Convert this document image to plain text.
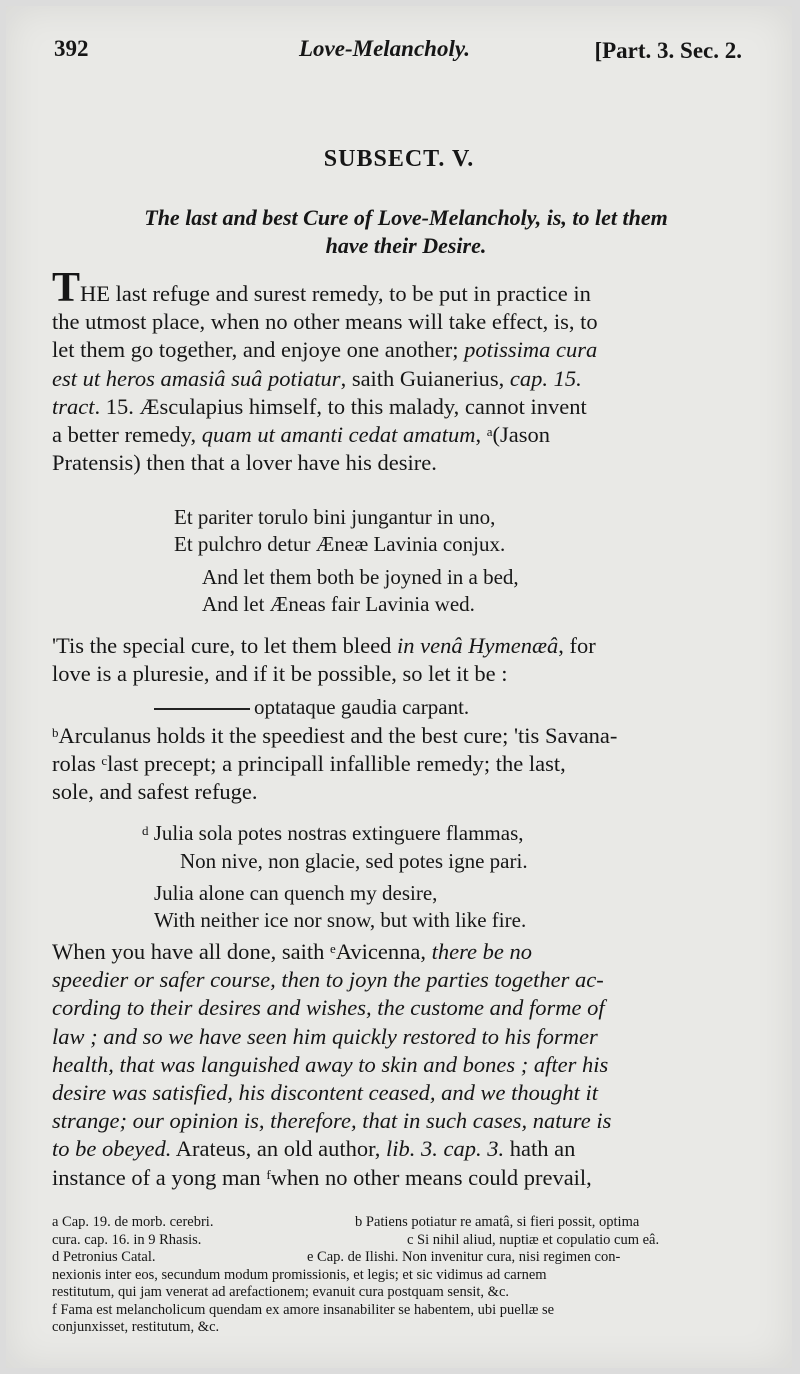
392	Love-Melancholy.	[Part. 3. Sec. 2.
SUBSECT. V.
The last and best Cure of Love-Melancholy, is, to let them
have their Desire.
THE last refuge and surest remedy, to be put in practice in
the utmost place, when no other means will take effect, is, to
let them go together, and enjoye one another; potissima cura
est ut heros amasiâ suâ potiatur, saith Guianerius, cap. 15.
tract. 15. Æsculapius himself, to this malady, cannot invent
a better remedy, quam ut amanti cedat amatum, $^a$(Jason
Pratensis) then that a lover have his desire.
Et pariter torulo bini jungantur in uno,
Et pulchro detur Æneæ Lavinia conjux.
And let them both be joyned in a bed,
And let Æneas fair Lavinia wed.
'Tis the special cure, to let them bleed in venâ Hymenæâ, for
love is a pluresie, and if it be possible, so let it be :
optataque gaudia carpant.
$^b$Arculanus holds it the speediest and the best cure; 'tis Savana-
rolas $^c$last precept; a principall infallible remedy; the last,
sole, and safest refuge.
$^d$ Julia sola potes nostras extinguere flammas,
Non nive, non glacie, sed potes igne pari.
Julia alone can quench my desire,
With neither ice nor snow, but with like fire.
When you have all done, saith $^e$Avicenna, there be no
speedier or safer course, then to joyn the parties together ac-
cording to their desires and wishes, the custome and forme of
law ; and so we have seen him quickly restored to his former
health, that was languished away to skin and bones ; after his
desire was satisfied, his discontent ceased, and we thought it
strange; our opinion is, therefore, that in such cases, nature is
to be obeyed. Arateus, an old author, lib. 3. cap. 3. hath an
instance of a yong man $^f$when no other means could prevail,
a Cap. 19. de morb. cerebri.	b Patiens potiatur re amatâ, si fieri possit, optima
cura. cap. 16. in 9 Rhasis.	c Si nihil aliud, nuptiæ et copulatio cum eâ.
d Petronius Catal.	e Cap. de Ilishi. Non invenitur cura, nisi regimen con-
nexionis inter eos, secundum modum promissionis, et legis; et sic vidimus ad carnem
restitutum, qui jam venerat ad arefactionem; evanuit cura postquam sensit, &c.
f Fama est melancholicum quendam ex amore insanabiliter se habentem, ubi puellæ se
conjunxisset, restitutum, &c.
